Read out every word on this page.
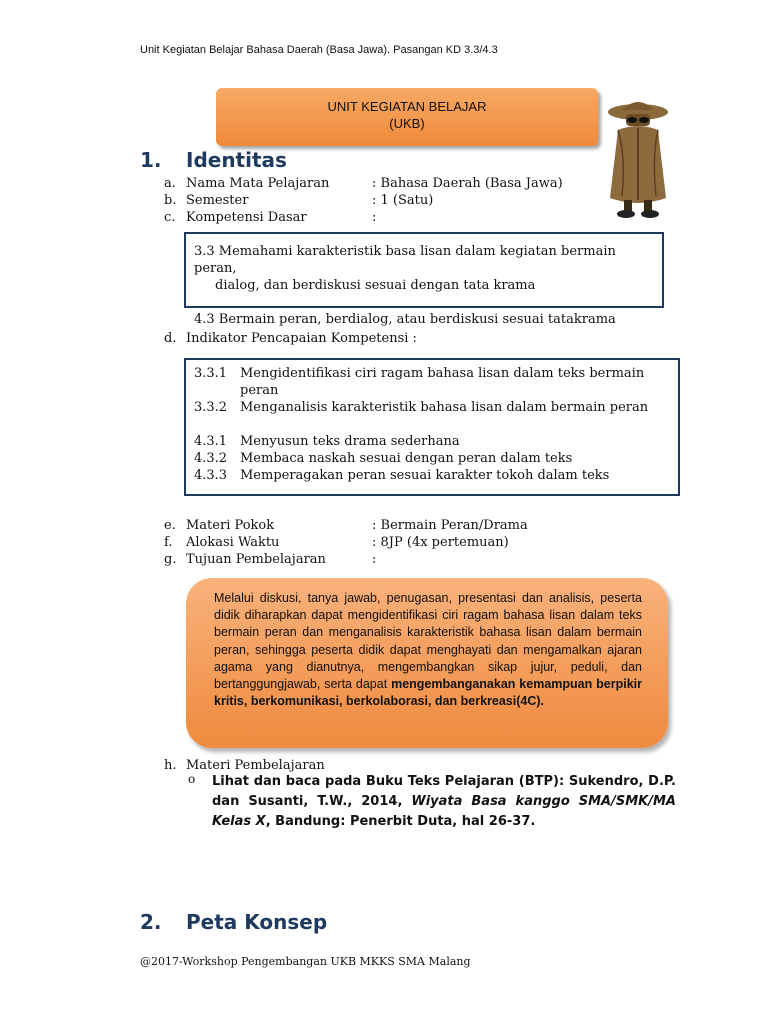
Unit Kegiatan Belajar Bahasa Daerah (Basa Jawa). Pasangan KD 3.3/4.3
UNIT KEGIATAN BELAJAR
(UKB)
1. Identitas
a. Nama Mata Pelajaran	: Bahasa Daerah (Basa Jawa)
b. Semester	: 1 (Satu)
c. Kompetensi Dasar	:
3.3 Memahami karakteristik basa lisan dalam kegiatan bermain peran,
dialog, dan berdiskusi sesuai dengan tata krama
4.3 Bermain peran, berdialog, atau berdiskusi sesuai tatakrama
d. Indikator Pencapaian Kompetensi :
3.3.1 Mengidentifikasi ciri ragam bahasa lisan dalam teks bermain
peran
3.3.2 Menganalisis karakteristik bahasa lisan dalam bermain peran
4.3.1 Menyusun teks drama sederhana
4.3.2 Membaca naskah sesuai dengan peran dalam teks
4.3.3 Memperagakan peran sesuai karakter tokoh dalam teks
e. Materi Pokok	: Bermain Peran/Drama
f. Alokasi Waktu	: 8JP (4x pertemuan)
g. Tujuan Pembelajaran	:
Melalui diskusi, tanya jawab, penugasan, presentasi dan analisis, peserta didik diharapkan dapat mengidentifikasi ciri ragam bahasa lisan dalam teks bermain peran dan menganalisis karakteristik bahasa lisan dalam bermain peran, sehingga peserta didik dapat menghayati dan mengamalkan ajaran agama yang dianutnya, mengembangkan sikap jujur, peduli, dan bertanggungjawab, serta dapat mengembanganakan kemampuan berpikir kritis, berkomunikasi, berkolaborasi, dan berkreasi(4C).
h. Materi Pembelajaran
o Lihat dan baca pada Buku Teks Pelajaran (BTP): Sukendro, D.P. dan Susanti, T.W., 2014, Wiyata Basa kanggo SMA/SMK/MA Kelas X, Bandung: Penerbit Duta, hal 26-37.
2. Peta Konsep
@2017-Workshop Pengembangan UKB MKKS SMA Malang
